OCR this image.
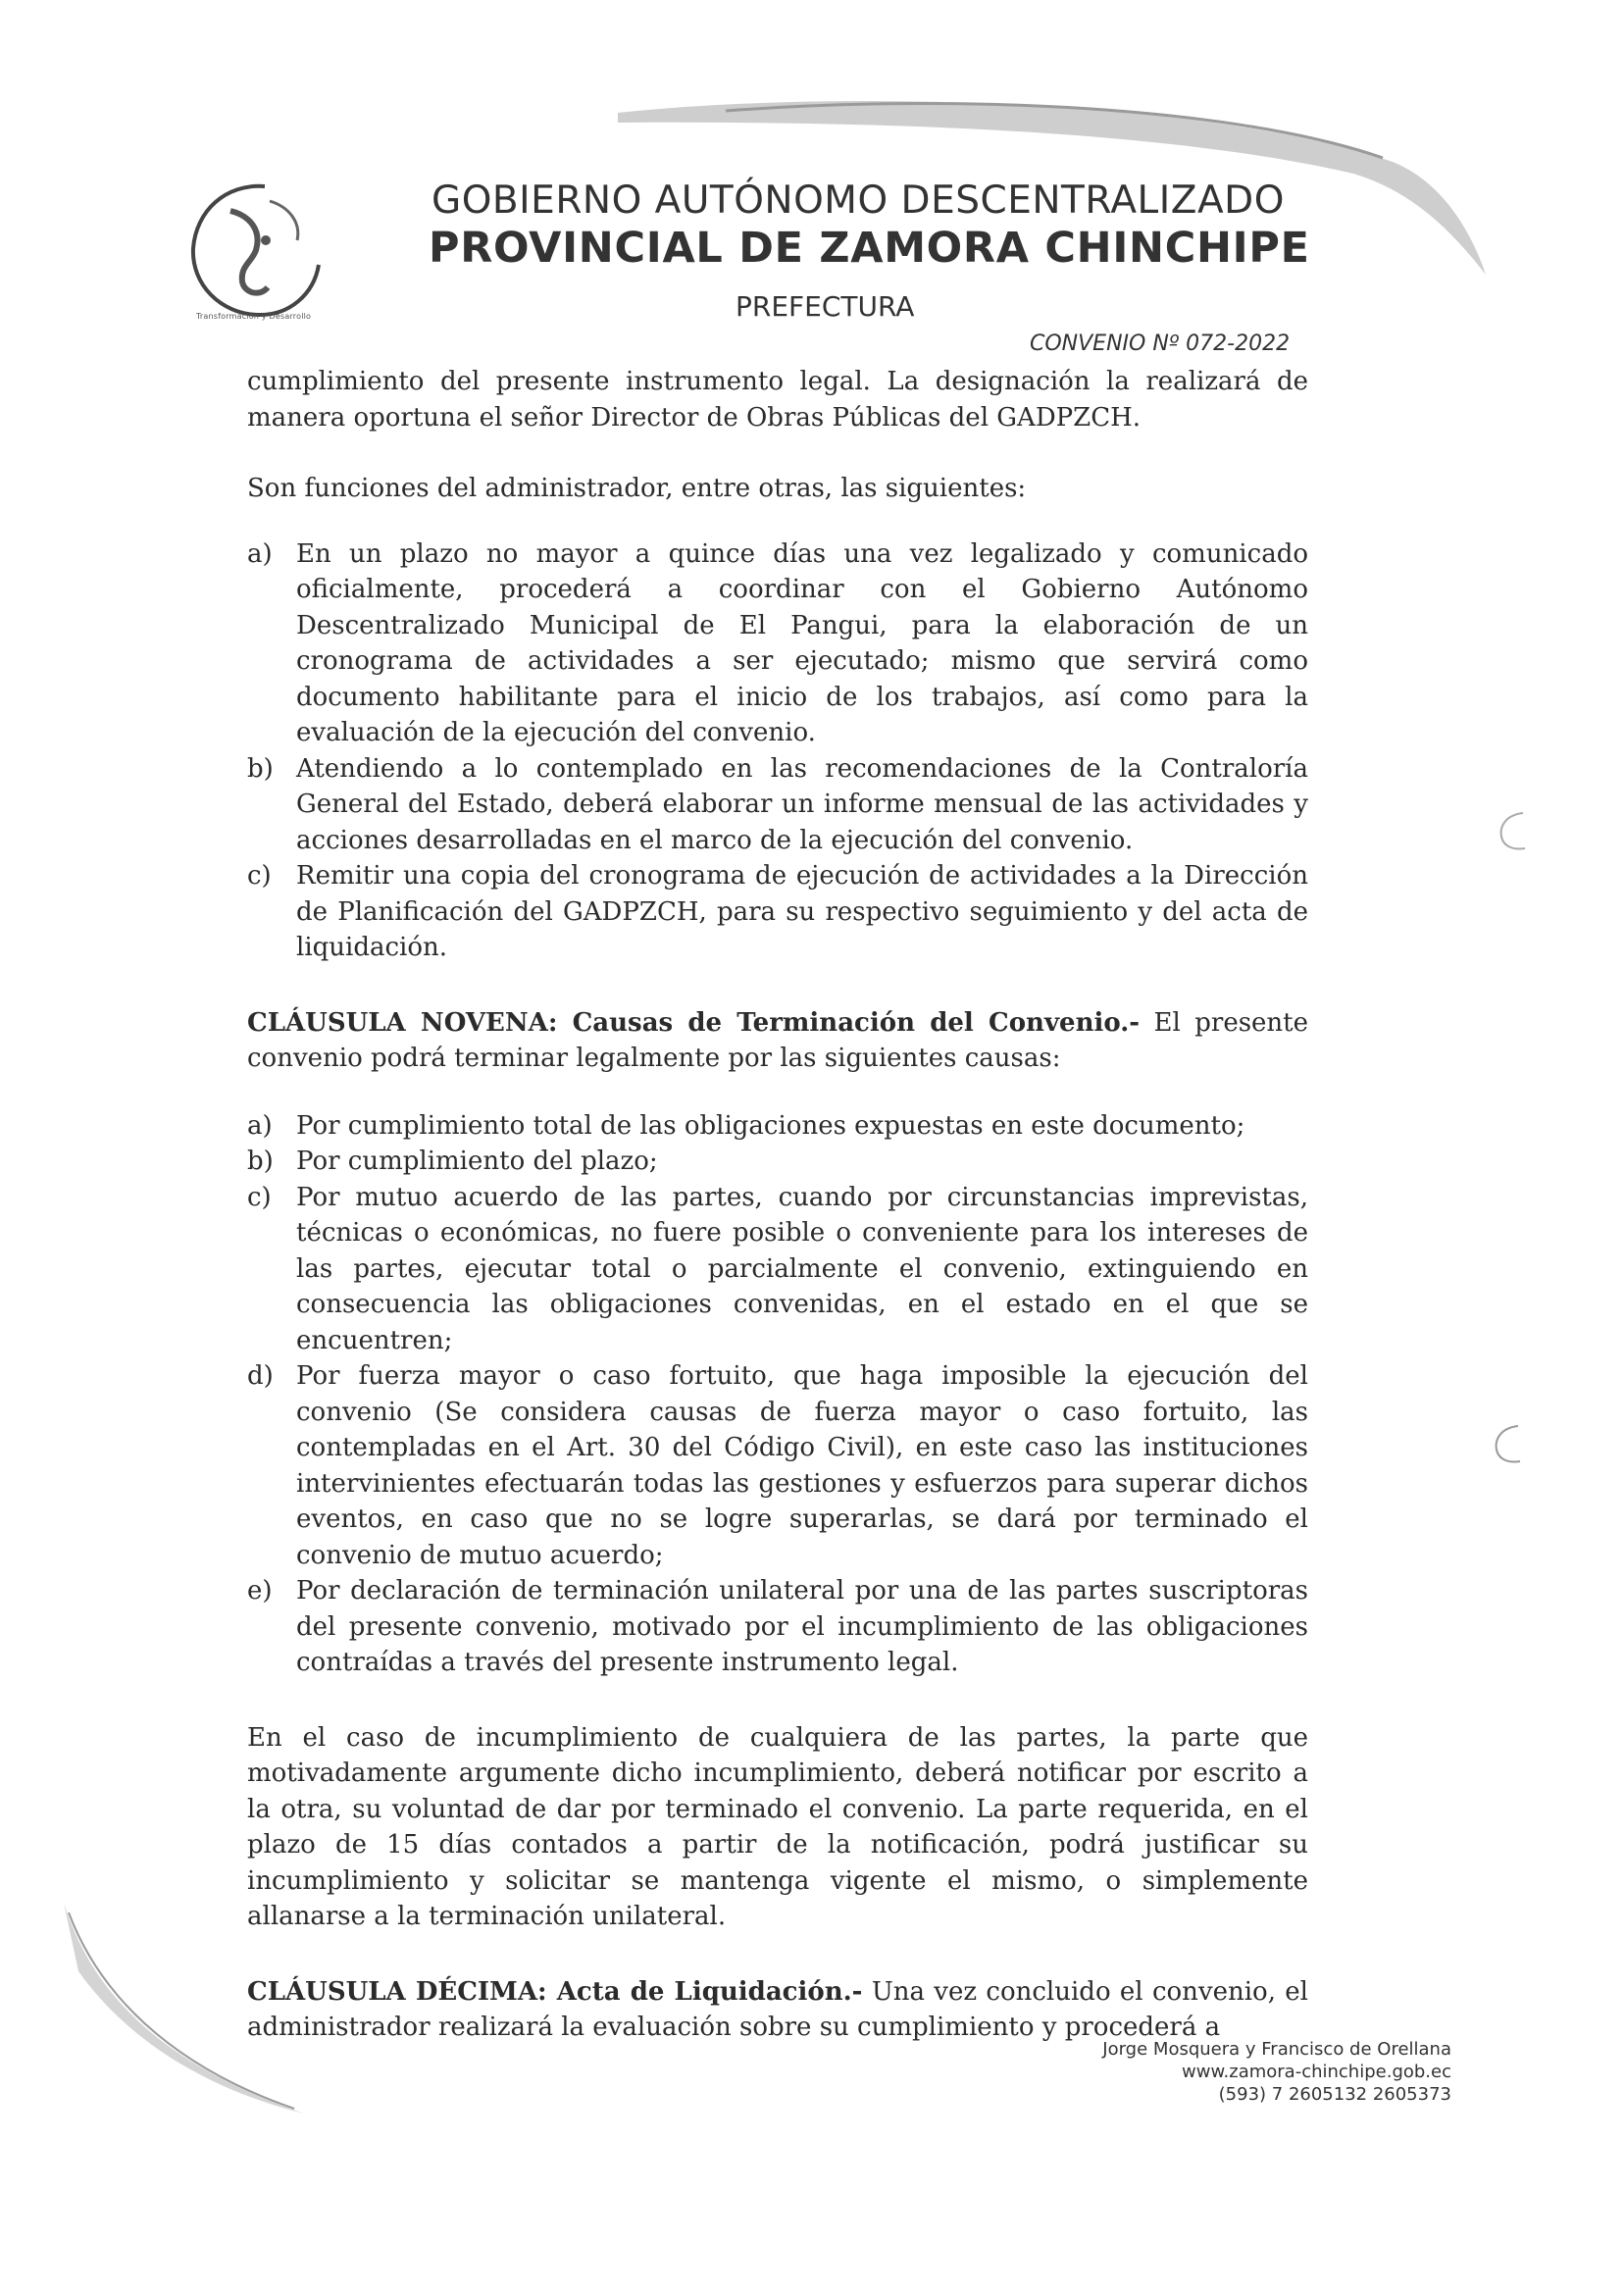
Transformación y Desarrollo
GOBIERNO AUTÓNOMO DESCENTRALIZADO
PROVINCIAL DE ZAMORA CHINCHIPE
PREFECTURA
CONVENIO Nº 072-2022

cumplimiento del presente instrumento legal. La designación la realizará de manera oportuna el señor Director de Obras Públicas del GADPZCH.

Son funciones del administrador, entre otras, las siguientes:

a) En un plazo no mayor a quince días una vez legalizado y comunicado oficialmente, procederá a coordinar con el Gobierno Autónomo Descentralizado Municipal de El Pangui, para la elaboración de un cronograma de actividades a ser ejecutado; mismo que servirá como documento habilitante para el inicio de los trabajos, así como para la evaluación de la ejecución del convenio.
b) Atendiendo a lo contemplado en las recomendaciones de la Contraloría General del Estado, deberá elaborar un informe mensual de las actividades y acciones desarrolladas en el marco de la ejecución del convenio.
c) Remitir una copia del cronograma de ejecución de actividades a la Dirección de Planificación del GADPZCH, para su respectivo seguimiento y del acta de liquidación.

CLÁUSULA NOVENA: Causas de Terminación del Convenio.- El presente convenio podrá terminar legalmente por las siguientes causas:

a) Por cumplimiento total de las obligaciones expuestas en este documento;
b) Por cumplimiento del plazo;
c) Por mutuo acuerdo de las partes, cuando por circunstancias imprevistas, técnicas o económicas, no fuere posible o conveniente para los intereses de las partes, ejecutar total o parcialmente el convenio, extinguiendo en consecuencia las obligaciones convenidas, en el estado en el que se encuentren;
d) Por fuerza mayor o caso fortuito, que haga imposible la ejecución del convenio (Se considera causas de fuerza mayor o caso fortuito, las contempladas en el Art. 30 del Código Civil), en este caso las instituciones intervinientes efectuarán todas las gestiones y esfuerzos para superar dichos eventos, en caso que no se logre superarlas, se dará por terminado el convenio de mutuo acuerdo;
e) Por declaración de terminación unilateral por una de las partes suscriptoras del presente convenio, motivado por el incumplimiento de las obligaciones contraídas a través del presente instrumento legal.

En el caso de incumplimiento de cualquiera de las partes, la parte que motivadamente argumente dicho incumplimiento, deberá notificar por escrito a la otra, su voluntad de dar por terminado el convenio. La parte requerida, en el plazo de 15 días contados a partir de la notificación, podrá justificar su incumplimiento y solicitar se mantenga vigente el mismo, o simplemente allanarse a la terminación unilateral.

CLÁUSULA DÉCIMA: Acta de Liquidación.- Una vez concluido el convenio, el administrador realizará la evaluación sobre su cumplimiento y procederá a

Jorge Mosquera y Francisco de Orellana
www.zamora-chinchipe.gob.ec
(593) 7 2605132 2605373
